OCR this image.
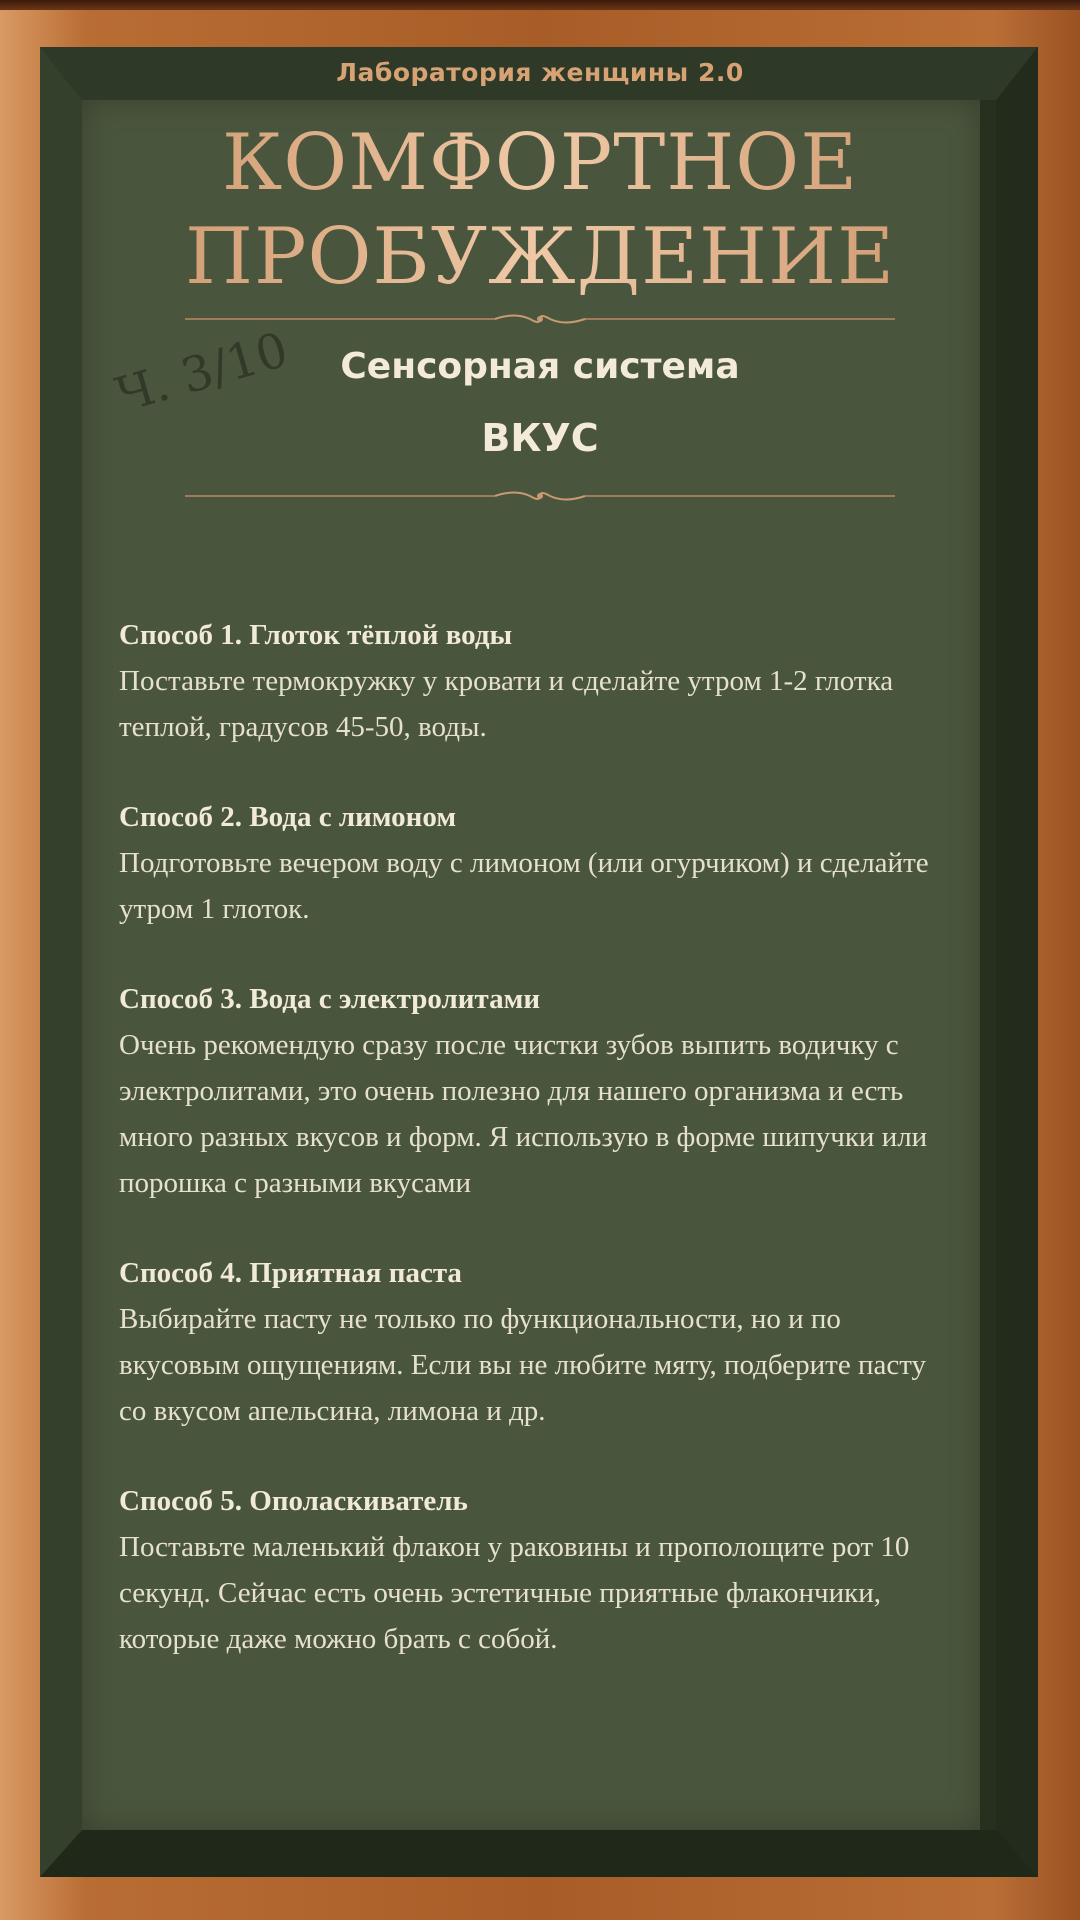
Лаборатория женщины 2.0
КОМФОРТНОЕ
ПРОБУЖДЕНИЕ
Ч. 3/10	Сенсорная система
ВКУС
Способ 1. Глоток тёплой воды

Поставьте термокружку у кровати и сделайте утром 1-2 глотка теплой, градусов 45-50, воды.

Способ 2. Вода с лимоном

Подготовьте вечером воду с лимоном (или огурчиком) и сделайте утром 1 глоток.

Способ 3. Вода с электролитами

Очень рекомендую сразу после чистки зубов выпить водичку с электролитами, это очень полезно для нашего организма и есть много разных вкусов и форм. Я использую в форме шипучки или порошка с разными вкусами

Способ 4. Приятная паста

Выбирайте пасту не только по функциональности, но и по вкусовым ощущениям. Если вы не любите мяту, подберите пасту со вкусом апельсина, лимона и др.

Способ 5. Ополаскиватель

Поставьте маленький флакон у раковины и прополощите рот 10 секунд. Сейчас есть очень эстетичные приятные флакончики, которые даже можно брать с собой.
